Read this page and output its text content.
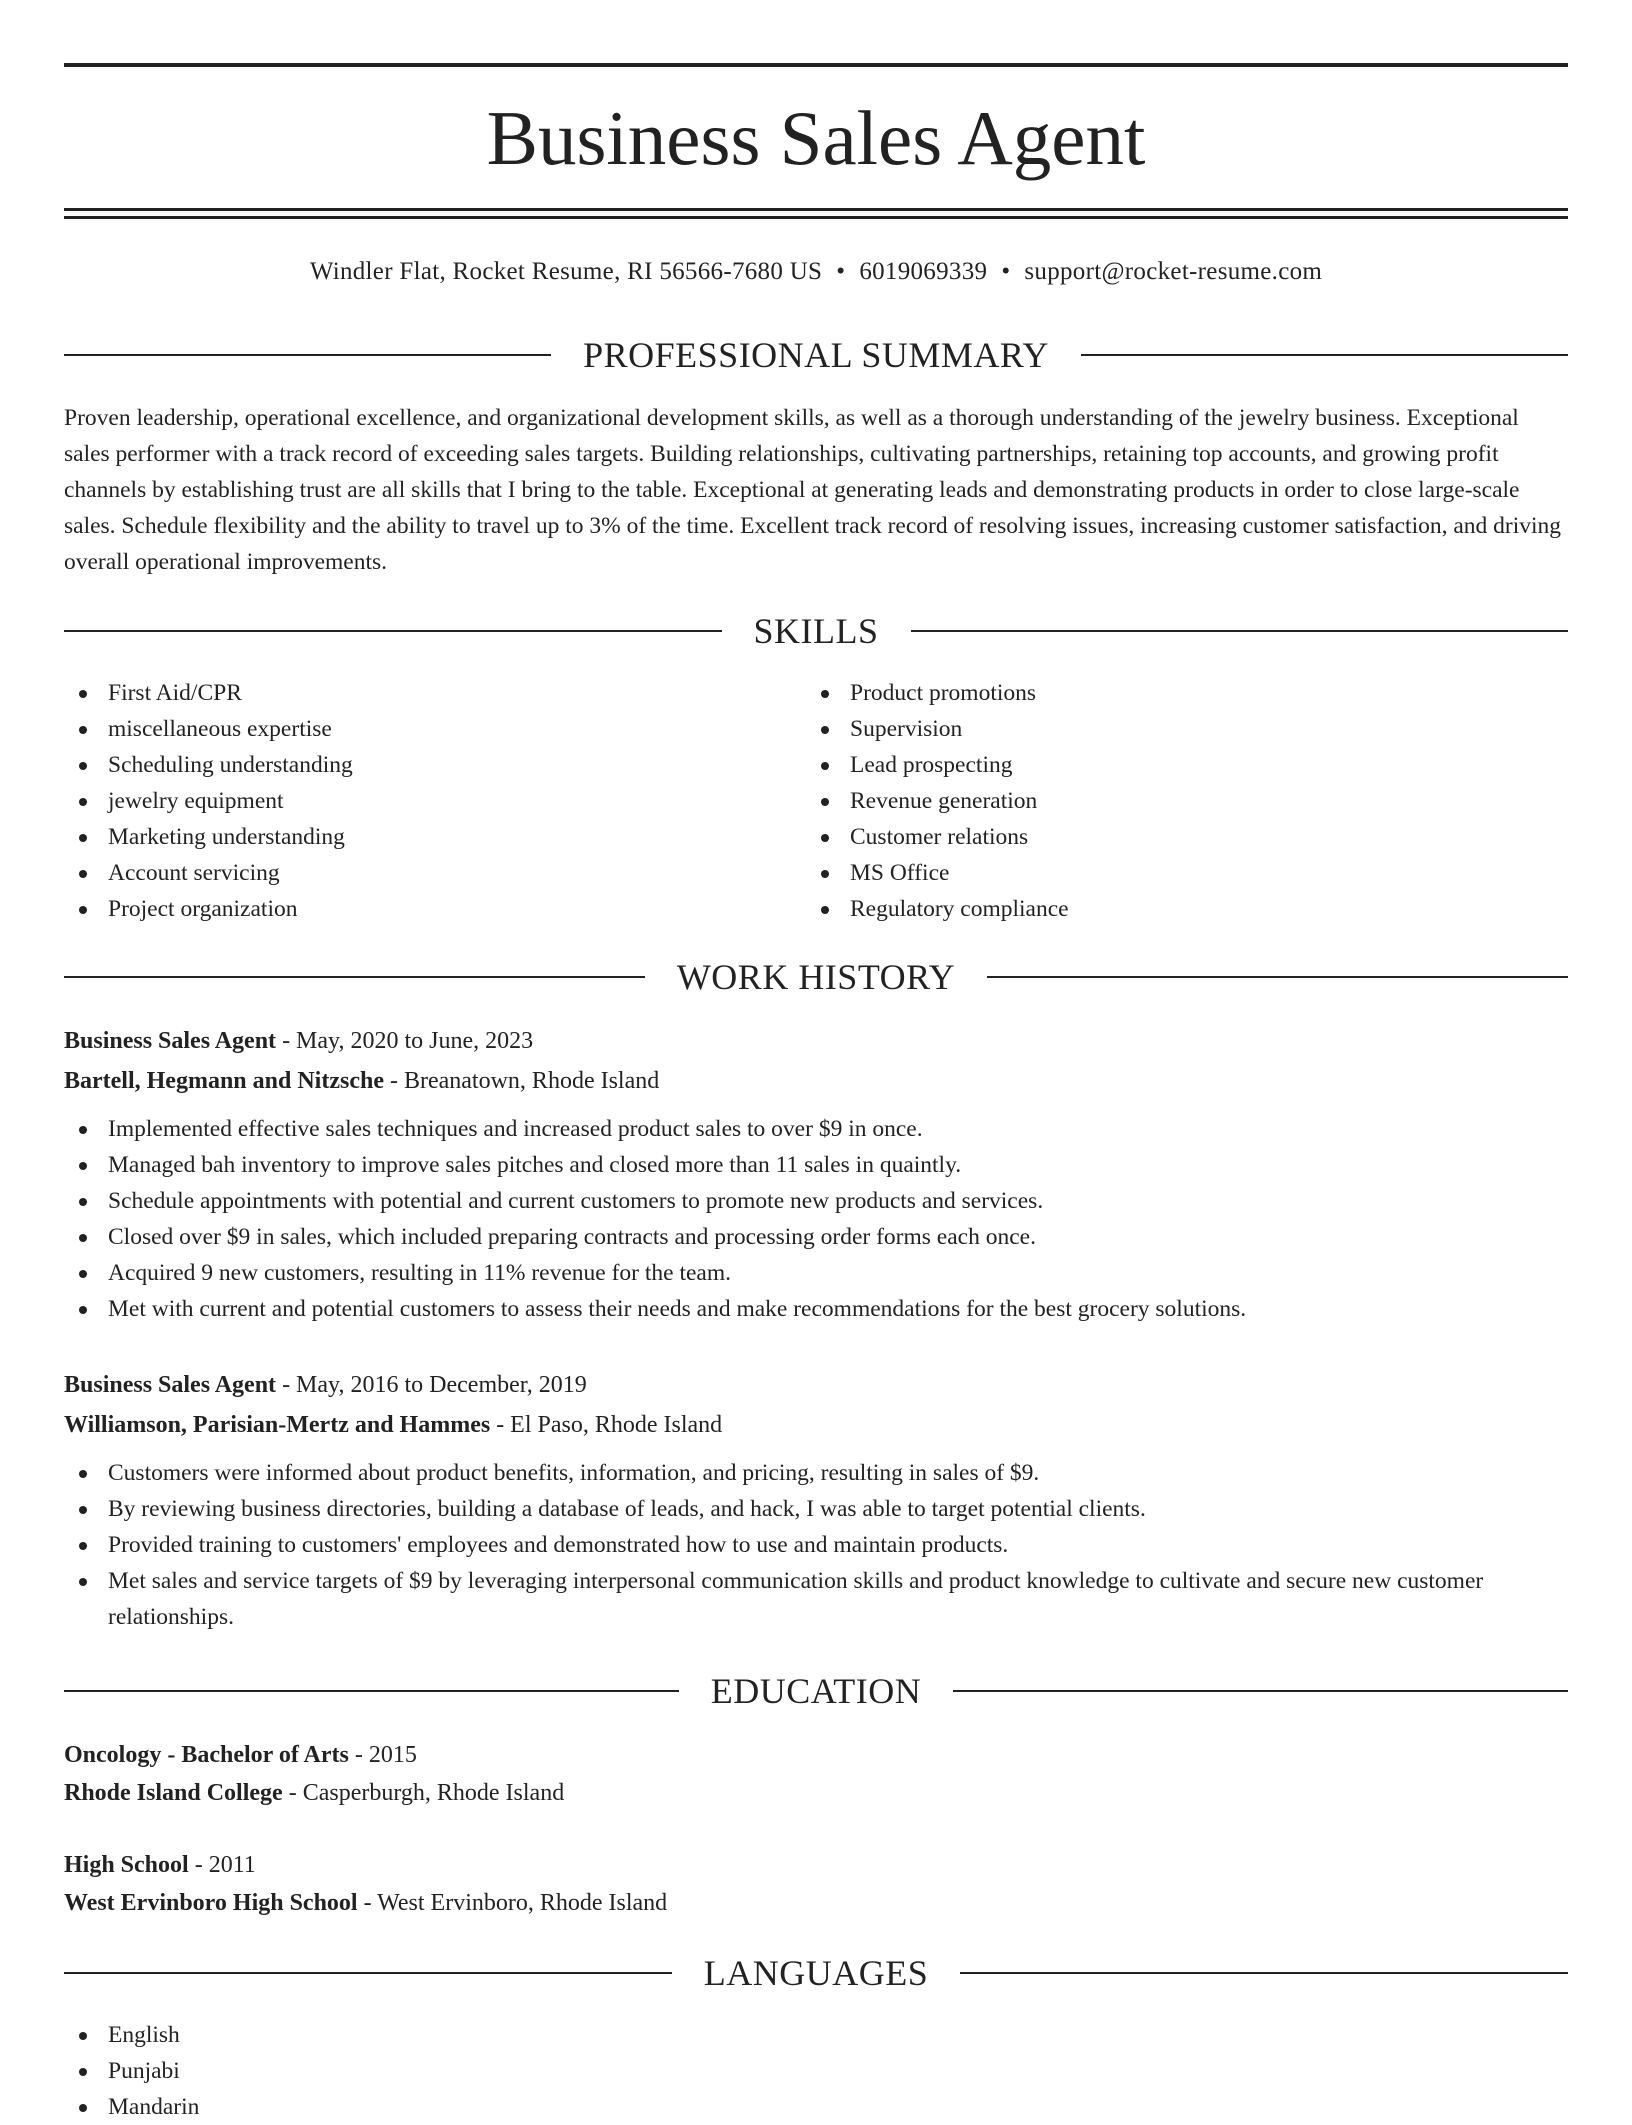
Business Sales Agent
Windler Flat, Rocket Resume, RI 56566-7680 US • 6019069339 • support@rocket-resume.com
PROFESSIONAL SUMMARY

Proven leadership, operational excellence, and organizational development skills, as well as a thorough understanding of the jewelry business. Exceptional sales performer with a track record of exceeding sales targets. Building relationships, cultivating partnerships, retaining top accounts, and growing profit channels by establishing trust are all skills that I bring to the table. Exceptional at generating leads and demonstrating products in order to close large-scale sales. Schedule flexibility and the ability to travel up to 3% of the time. Excellent track record of resolving issues, increasing customer satisfaction, and driving overall operational improvements.

SKILLS
First Aid/CPR
miscellaneous expertise
Scheduling understanding
jewelry equipment
Marketing understanding
Account servicing
Project organization
Product promotions
Supervision
Lead prospecting
Revenue generation
Customer relations
MS Office
Regulatory compliance
WORK HISTORY
Business Sales Agent - May, 2020 to June, 2023
Bartell, Hegmann and Nitzsche - Breanatown, Rhode Island
Implemented effective sales techniques and increased product sales to over $9 in once.
Managed bah inventory to improve sales pitches and closed more than 11 sales in quaintly.
Schedule appointments with potential and current customers to promote new products and services.
Closed over $9 in sales, which included preparing contracts and processing order forms each once.
Acquired 9 new customers, resulting in 11% revenue for the team.
Met with current and potential customers to assess their needs and make recommendations for the best grocery solutions.
Business Sales Agent - May, 2016 to December, 2019
Williamson, Parisian-Mertz and Hammes - El Paso, Rhode Island
Customers were informed about product benefits, information, and pricing, resulting in sales of $9.
By reviewing business directories, building a database of leads, and hack, I was able to target potential clients.
Provided training to customers' employees and demonstrated how to use and maintain products.
Met sales and service targets of $9 by leveraging interpersonal communication skills and product knowledge to cultivate and secure new customer relationships.
EDUCATION
Oncology - Bachelor of Arts - 2015
Rhode Island College - Casperburgh, Rhode Island
High School - 2011
West Ervinboro High School - West Ervinboro, Rhode Island
LANGUAGES
English
Punjabi
Mandarin
